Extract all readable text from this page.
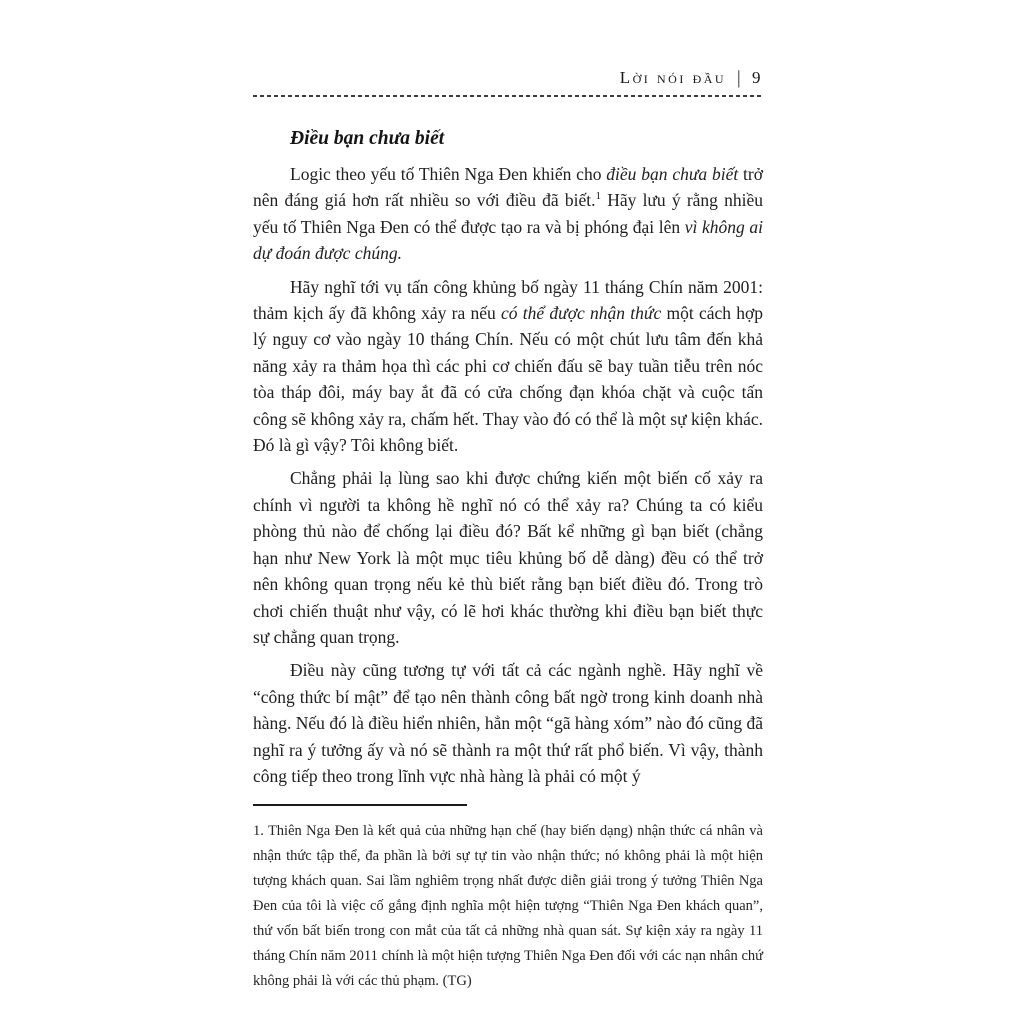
Lời nói đầu | 9
Điều bạn chưa biết

Logic theo yếu tố Thiên Nga Đen khiến cho điều bạn chưa biết trở nên đáng giá hơn rất nhiều so với điều đã biết.$^1$ Hãy lưu ý rằng nhiều yếu tố Thiên Nga Đen có thể được tạo ra và bị phóng đại lên vì không ai dự đoán được chúng.

Hãy nghĩ tới vụ tấn công khủng bố ngày 11 tháng Chín năm 2001: thảm kịch ấy đã không xảy ra nếu có thể được nhận thức một cách hợp lý nguy cơ vào ngày 10 tháng Chín. Nếu có một chút lưu tâm đến khả năng xảy ra thảm họa thì các phi cơ chiến đấu sẽ bay tuần tiễu trên nóc tòa tháp đôi, máy bay ắt đã có cửa chống đạn khóa chặt và cuộc tấn công sẽ không xảy ra, chấm hết. Thay vào đó có thể là một sự kiện khác. Đó là gì vậy? Tôi không biết.

Chẳng phải lạ lùng sao khi được chứng kiến một biến cố xảy ra chính vì người ta không hề nghĩ nó có thể xảy ra? Chúng ta có kiểu phòng thủ nào để chống lại điều đó? Bất kể những gì bạn biết (chẳng hạn như New York là một mục tiêu khủng bố dễ dàng) đều có thể trở nên không quan trọng nếu kẻ thù biết rằng bạn biết điều đó. Trong trò chơi chiến thuật như vậy, có lẽ hơi khác thường khi điều bạn biết thực sự chẳng quan trọng.

Điều này cũng tương tự với tất cả các ngành nghề. Hãy nghĩ về “công thức bí mật” để tạo nên thành công bất ngờ trong kinh doanh nhà hàng. Nếu đó là điều hiển nhiên, hẳn một “gã hàng xóm” nào đó cũng đã nghĩ ra ý tưởng ấy và nó sẽ thành ra một thứ rất phổ biến. Vì vậy, thành công tiếp theo trong lĩnh vực nhà hàng là phải có một ý

1. Thiên Nga Đen là kết quả của những hạn chế (hay biến dạng) nhận thức cá nhân và nhận thức tập thể, đa phần là bởi sự tự tin vào nhận thức; nó không phải là một hiện tượng khách quan. Sai lầm nghiêm trọng nhất được diễn giải trong ý tưởng Thiên Nga Đen của tôi là việc cố gắng định nghĩa một hiện tượng “Thiên Nga Đen khách quan”, thứ vốn bất biến trong con mắt của tất cả những nhà quan sát. Sự kiện xảy ra ngày 11 tháng Chín năm 2011 chính là một hiện tượng Thiên Nga Đen đối với các nạn nhân chứ không phải là với các thủ phạm. (TG)
